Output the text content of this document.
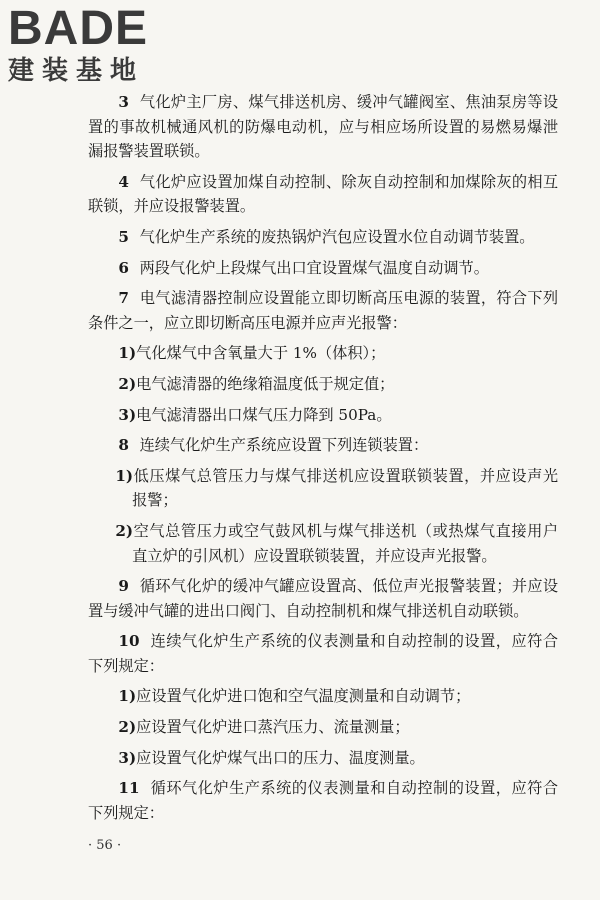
BADE
建装基地

3 气化炉主厂房、煤气排送机房、缓冲气罐阀室、焦油泵房等设置的事故机械通风机的防爆电动机，应与相应场所设置的易燃易爆泄漏报警装置联锁。

4 气化炉应设置加煤自动控制、除灰自动控制和加煤除灰的相互联锁，并应设报警装置。

5 气化炉生产系统的废热锅炉汽包应设置水位自动调节装置。

6 两段气化炉上段煤气出口宜设置煤气温度自动调节。

7 电气滤清器控制应设置能立即切断高压电源的装置，符合下列条件之一，应立即切断高压电源并应声光报警：

1)气化煤气中含氧量大于 1%（体积）；

2)电气滤清器的绝缘箱温度低于规定值；

3)电气滤清器出口煤气压力降到 50Pa。

8 连续气化炉生产系统应设置下列连锁装置：

1)低压煤气总管压力与煤气排送机应设置联锁装置，并应设声光报警；

2)空气总管压力或空气鼓风机与煤气排送机（或热煤气直接用户直立炉的引风机）应设置联锁装置，并应设声光报警。

9 循环气化炉的缓冲气罐应设置高、低位声光报警装置；并应设置与缓冲气罐的进出口阀门、自动控制机和煤气排送机自动联锁。

10 连续气化炉生产系统的仪表测量和自动控制的设置，应符合下列规定：

1)应设置气化炉进口饱和空气温度测量和自动调节；

2)应设置气化炉进口蒸汽压力、流量测量；

3)应设置气化炉煤气出口的压力、温度测量。

11 循环气化炉生产系统的仪表测量和自动控制的设置，应符合下列规定：

· 56 ·
